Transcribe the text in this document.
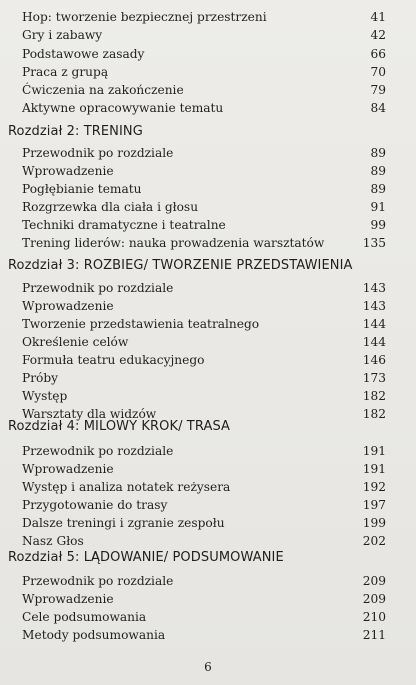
Hop: tworzenie bezpiecznej przestrzeni	41
Gry i zabawy	42
Podstawowe zasady	66
Praca z grupą	70
Ćwiczenia na zakończenie	79
Aktywne opracowywanie tematu	84
Rozdział 2: TRENING
Przewodnik po rozdziale	89
Wprowadzenie	89
Pogłębianie tematu	89
Rozgrzewka dla ciała i głosu	91
Techniki dramatyczne i teatralne	99
Trening liderów: nauka prowadzenia warsztatów	135
Rozdział 3: ROZBIEG/ TWORZENIE PRZEDSTAWIENIA
Przewodnik po rozdziale	143
Wprowadzenie	143
Tworzenie przedstawienia teatralnego	144
Określenie celów	144
Formuła teatru edukacyjnego	146
Próby	173
Występ	182
Warsztaty dla widzów	182
Rozdział 4: MILOWY KROK/ TRASA
Przewodnik po rozdziale	191
Wprowadzenie	191
Występ i analiza notatek reżysera	192
Przygotowanie do trasy	197
Dalsze treningi i zgranie zespołu	199
Nasz Głos	202
Rozdział 5: LĄDOWANIE/ PODSUMOWANIE
Przewodnik po rozdziale	209
Wprowadzenie	209
Cele podsumowania	210
Metody podsumowania	211
6
